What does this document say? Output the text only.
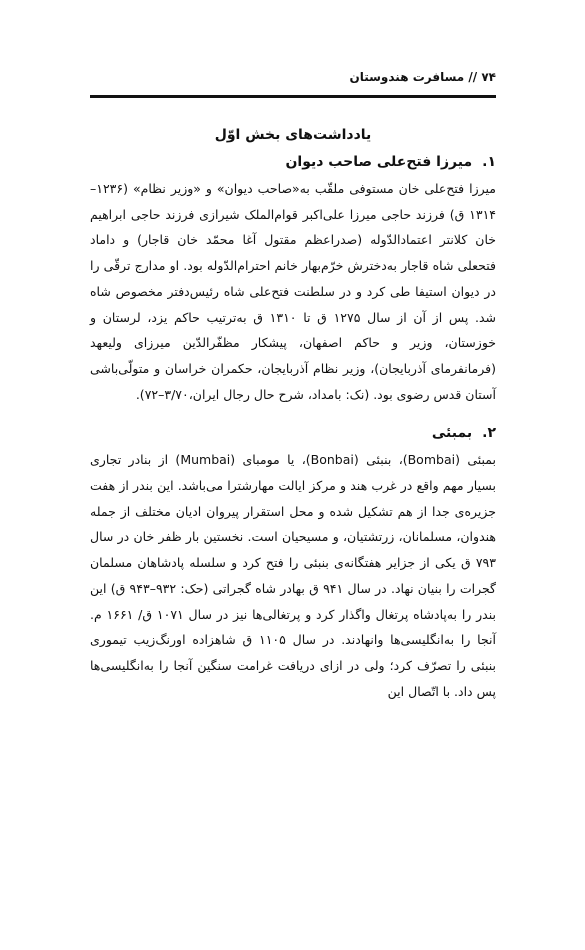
۷۴ // مسافرت هندوستان
یادداشت‌های بخش اوّل
۱.میرزا فتح‌علی صاحب دیوان

میرزا فتح‌علی خان مستوفی ملقّب به«صاحب دیوان» و «وزیر نظام» (۱۲۳۶–۱۳۱۴ ق) فرزند حاجی میرزا علی‌اکبر قوام‌الملک شیرازی فرزند حاجی ابراهیم خان کلانتر اعتمادالدّوله (صدراعظم مقتول آغا محمّد خان قاجار) و داماد فتحعلی شاه قاجار به‌دخترش خرّم‌بهار خانم احترام‌الدّوله بود. او مدارج ترقّی را در دیوان استیفا طی کرد و در سلطنت فتح‌علی شاه رئیس‌دفتر مخصوص شاه شد. پس از آن از سال ۱۲۷۵ ق تا ۱۳۱۰ ق به‌ترتیب حاکم یزد، لرستان و خوزستان، وزیر و حاکم اصفهان، پیشکار مظفّرالدّین میرزای ولیعهد (فرمانفرمای آذربایجان)، وزیر نظام آذربایجان، حکمران خراسان و متولّی‌باشی آستان قدس رضوی بود. (نک: بامداد، شرح حال رجال ایران،۳/۷۰–۷۲).

۲.بمبئی

بمبئی (Bombai)، بنبئی (Bonbai)، یا مومبای (Mumbai) از بنادر تجاری بسیار مهم واقع در غرب هند و مرکز ایالت مهارشترا می‌باشد. این بندر از هفت جزیره‌ی جدا از هم تشکیل شده و محل استقرار پیروان ادیان مختلف از جمله هندوان، مسلمانان، زرتشتیان، و مسیحیان است. نخستین بار ظفر خان در سال ۷۹۳ ق یکی از جزایر هفتگانه‌ی بنبئی را فتح کرد و سلسله پادشاهان مسلمان گجرات را بنیان نهاد. در سال ۹۴۱ ق بهادر شاه گجراتی (حک: ۹۳۲–۹۴۳ ق) این بندر را به‌پادشاه پرتغال واگذار کرد و پرتغالی‌ها نیز در سال ۱۰۷۱ ق/ ۱۶۶۱ م. آنجا را به‌انگلیسی‌ها وانهادند. در سال ۱۱۰۵ ق شاهزاده اورنگ‌زیب تیموری بنبئی را تصرّف کرد؛ ولی در ازای دریافت غرامت سنگین آنجا را به‌انگلیسی‌ها پس داد. با اتّصال این
